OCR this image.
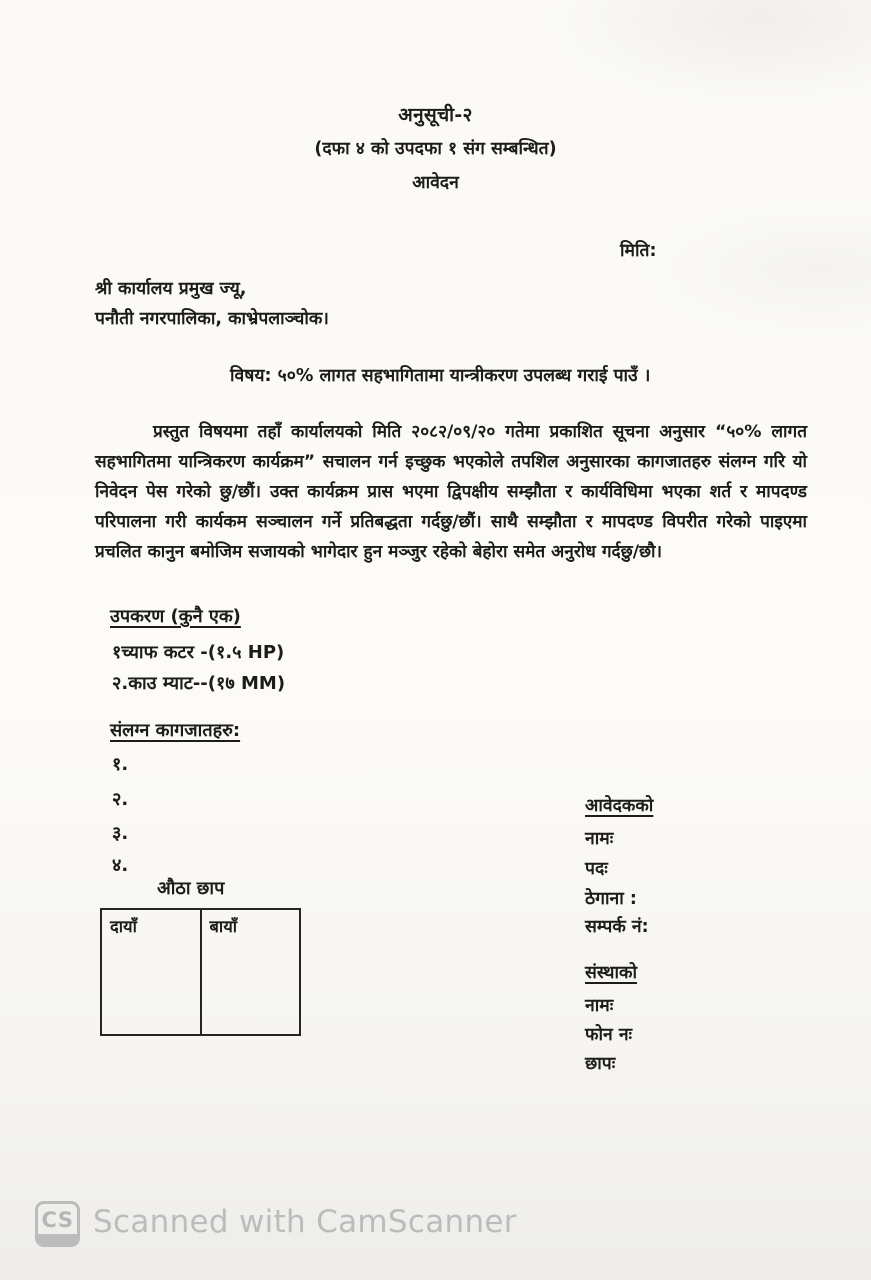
अनुसूची-२
(दफा ४ को उपदफा १ संग सम्बन्धित)
आवेदन
मिति:
श्री कार्यालय प्रमुख ज्यू,
पनौती नगरपालिका, काभ्रेपलाञ्चोक।
विषय: ५०% लागत सहभागितामा यान्त्रीकरण उपलब्ध गराई पाउँ ।
प्रस्तुत विषयमा तहाँ कार्यालयको मिति २०८२/०९/२० गतेमा प्रकाशित सूचना अनुसार “५०% लागत सहभागितमा यान्त्रिकरण कार्यक्रम” सचालन गर्न इच्छुक भएकोले तपशिल अनुसारका कागजातहरु संलग्न गरि यो निवेदन पेस गरेको छु/छौं। उक्त कार्यक्रम प्रास भएमा द्विपक्षीय सम्झौता र कार्यविधिमा भएका शर्त र मापदण्ड परिपालना गरी कार्यकम सञ्चालन गर्ने प्रतिबद्धता गर्दछु/छौं। साथै सम्झौता र मापदण्ड विपरीत गरेको पाइएमा प्रचलित कानुन बमोजिम सजायको भागेदार हुन मञ्जुर रहेको बेहोरा समेत अनुरोध गर्दछु/छौ।
उपकरण (कुनै एक)
१च्याफ कटर -(१.५ HP)
२.काउ म्याट--(१७ MM)
संलग्न कागजातहरु:
१.
२.
३.
४.
आवेदकको
नामः
पदः
ठेगाना :
सम्पर्क नं:
संस्थाको
नामः
फोन नः
छापः
औठा छाप
दायाँ	बायाँ
CS Scanned with CamScanner
